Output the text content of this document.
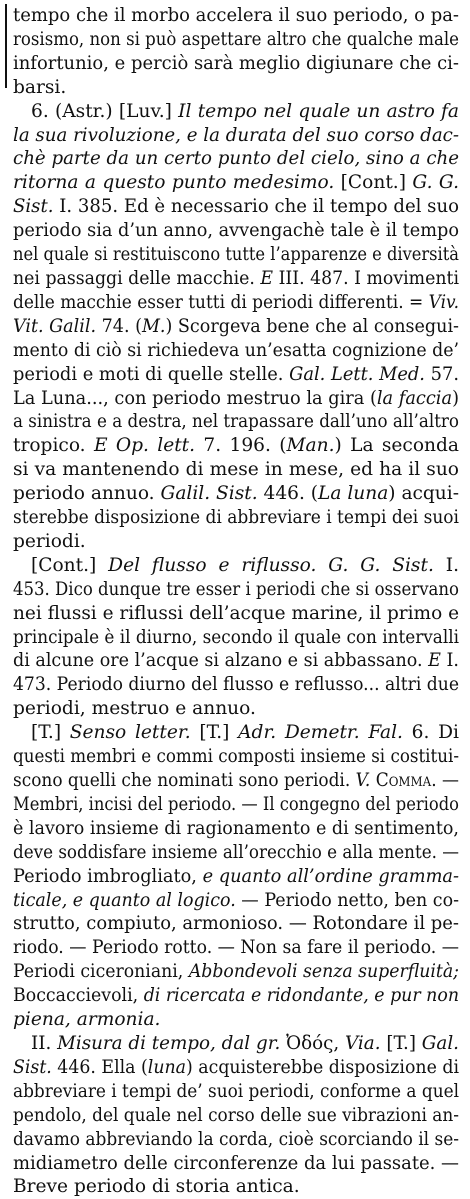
tempo che il morbo accelera il suo periodo, o pa-
rosismo, non si può aspettare altro che qualche male
infortunio, e perciò sarà meglio digiunare che ci-
barsi.
6. (Astr.) [Luv.] Il tempo nel quale un astro fa
la sua rivoluzione, e la durata del suo corso dac-
chè parte da un certo punto del cielo, sino a che
ritorna a questo punto medesimo. [Cont.] G. G.
Sist. I. 385. Ed è necessario che il tempo del suo
periodo sia d’un anno, avvengachè tale è il tempo
nel quale si restituiscono tutte l’apparenze e diversità
nei passaggi delle macchie. E III. 487. I movimenti
delle macchie esser tutti di periodi differenti. = Viv.
Vit. Galil. 74. (M.) Scorgeva bene che al consegui-
mento di ciò si richiedeva un’esatta cognizione de’
periodi e moti di quelle stelle. Gal. Lett. Med. 57.
La Luna..., con periodo mestruo la gira (la faccia)
a sinistra e a destra, nel trapassare dall’uno all’altro
tropico. E Op. lett. 7. 196. (Man.) La seconda
si va mantenendo di mese in mese, ed ha il suo
periodo annuo. Galil. Sist. 446. (La luna) acqui-
sterebbe disposizione di abbreviare i tempi dei suoi
periodi.
[Cont.] Del flusso e riflusso. G. G. Sist. I.
453. Dico dunque tre esser i periodi che si osservano
nei flussi e riflussi dell’acque marine, il primo e
principale è il diurno, secondo il quale con intervalli
di alcune ore l’acque si alzano e si abbassano. E I.
473. Periodo diurno del flusso e reflusso... altri due
periodi, mestruo e annuo.
[T.] Senso letter. [T.] Adr. Demetr. Fal. 6. Di
questi membri e commi composti insieme si costitui-
scono quelli che nominati sono periodi. V. Comma. —
Membri, incisi del periodo. — Il congegno del periodo
è lavoro insieme di ragionamento e di sentimento,
deve soddisfare insieme all’orecchio e alla mente. —
Periodo imbrogliato, e quanto all’ordine gramma-
ticale, e quanto al logico. — Periodo netto, ben co-
strutto, compiuto, armonioso. — Rotondare il pe-
riodo. — Periodo rotto. — Non sa fare il periodo. —
Periodi ciceroniani, Abbondevoli senza superfluità;
Boccaccievoli, di ricercata e ridondante, e pur non
piena, armonia.
II. Misura di tempo, dal gr. Ὀδός, Via. [T.] Gal.
Sist. 446. Ella (luna) acquisterebbe disposizione di
abbreviare i tempi de’ suoi periodi, conforme a quel
pendolo, del quale nel corso delle sue vibrazioni an-
davamo abbreviando la corda, cioè scorciando il se-
midiametro delle circonferenze da lui passate. —
Breve periodo di storia antica.
